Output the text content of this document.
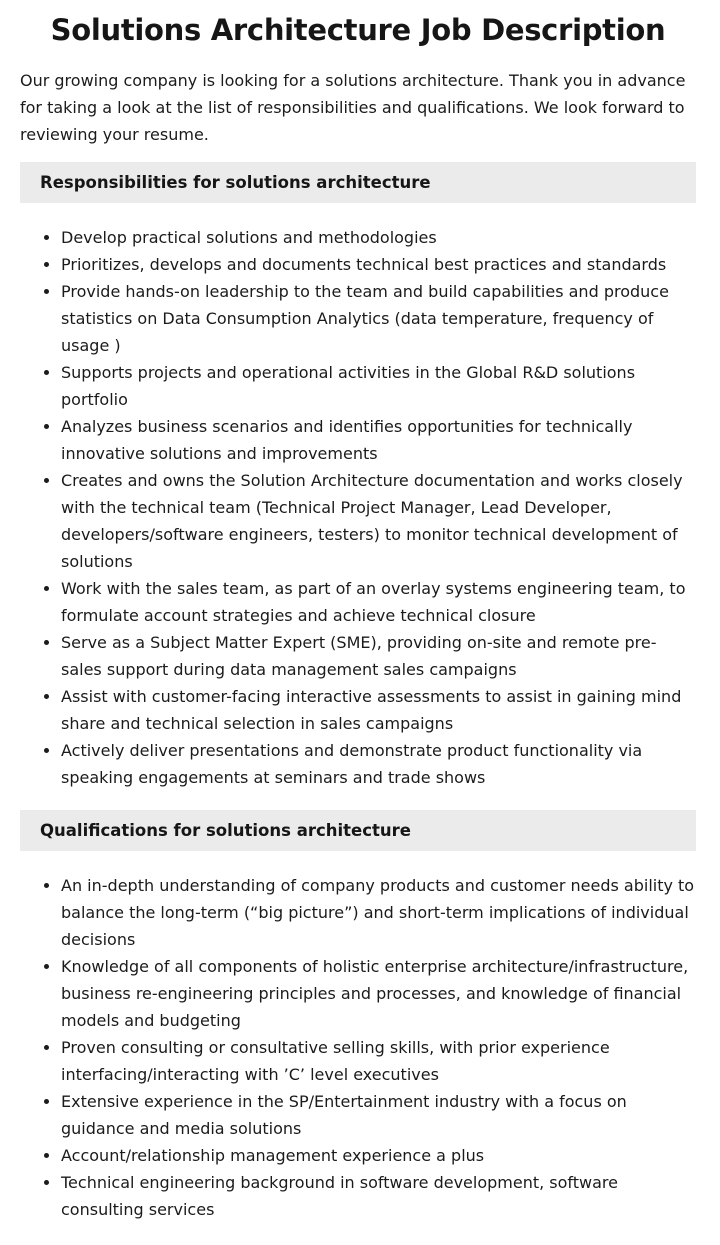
Solutions Architecture Job Description

Our growing company is looking for a solutions architecture. Thank you in advance for taking a look at the list of responsibilities and qualifications. We look forward to reviewing your resume.

Responsibilities for solutions architecture
• Develop practical solutions and methodologies
• Prioritizes, develops and documents technical best practices and standards
• Provide hands-on leadership to the team and build capabilities and produce statistics on Data Consumption Analytics (data temperature, frequency of usage )
• Supports projects and operational activities in the Global R&D solutions portfolio
• Analyzes business scenarios and identifies opportunities for technically innovative solutions and improvements
• Creates and owns the Solution Architecture documentation and works closely with the technical team (Technical Project Manager, Lead Developer, developers/software engineers, testers) to monitor technical development of solutions
• Work with the sales team, as part of an overlay systems engineering team, to formulate account strategies and achieve technical closure
• Serve as a Subject Matter Expert (SME), providing on-site and remote pre-sales support during data management sales campaigns
• Assist with customer-facing interactive assessments to assist in gaining mind share and technical selection in sales campaigns
• Actively deliver presentations and demonstrate product functionality via speaking engagements at seminars and trade shows
Qualifications for solutions architecture
• An in-depth understanding of company products and customer needs ability to balance the long-term (“big picture”) and short-term implications of individual decisions
• Knowledge of all components of holistic enterprise architecture/infrastructure, business re-engineering principles and processes, and knowledge of financial models and budgeting
• Proven consulting or consultative selling skills, with prior experience interfacing/interacting with ’C’ level executives
• Extensive experience in the SP/Entertainment industry with a focus on guidance and media solutions
• Account/relationship management experience a plus
• Technical engineering background in software development, software consulting services
